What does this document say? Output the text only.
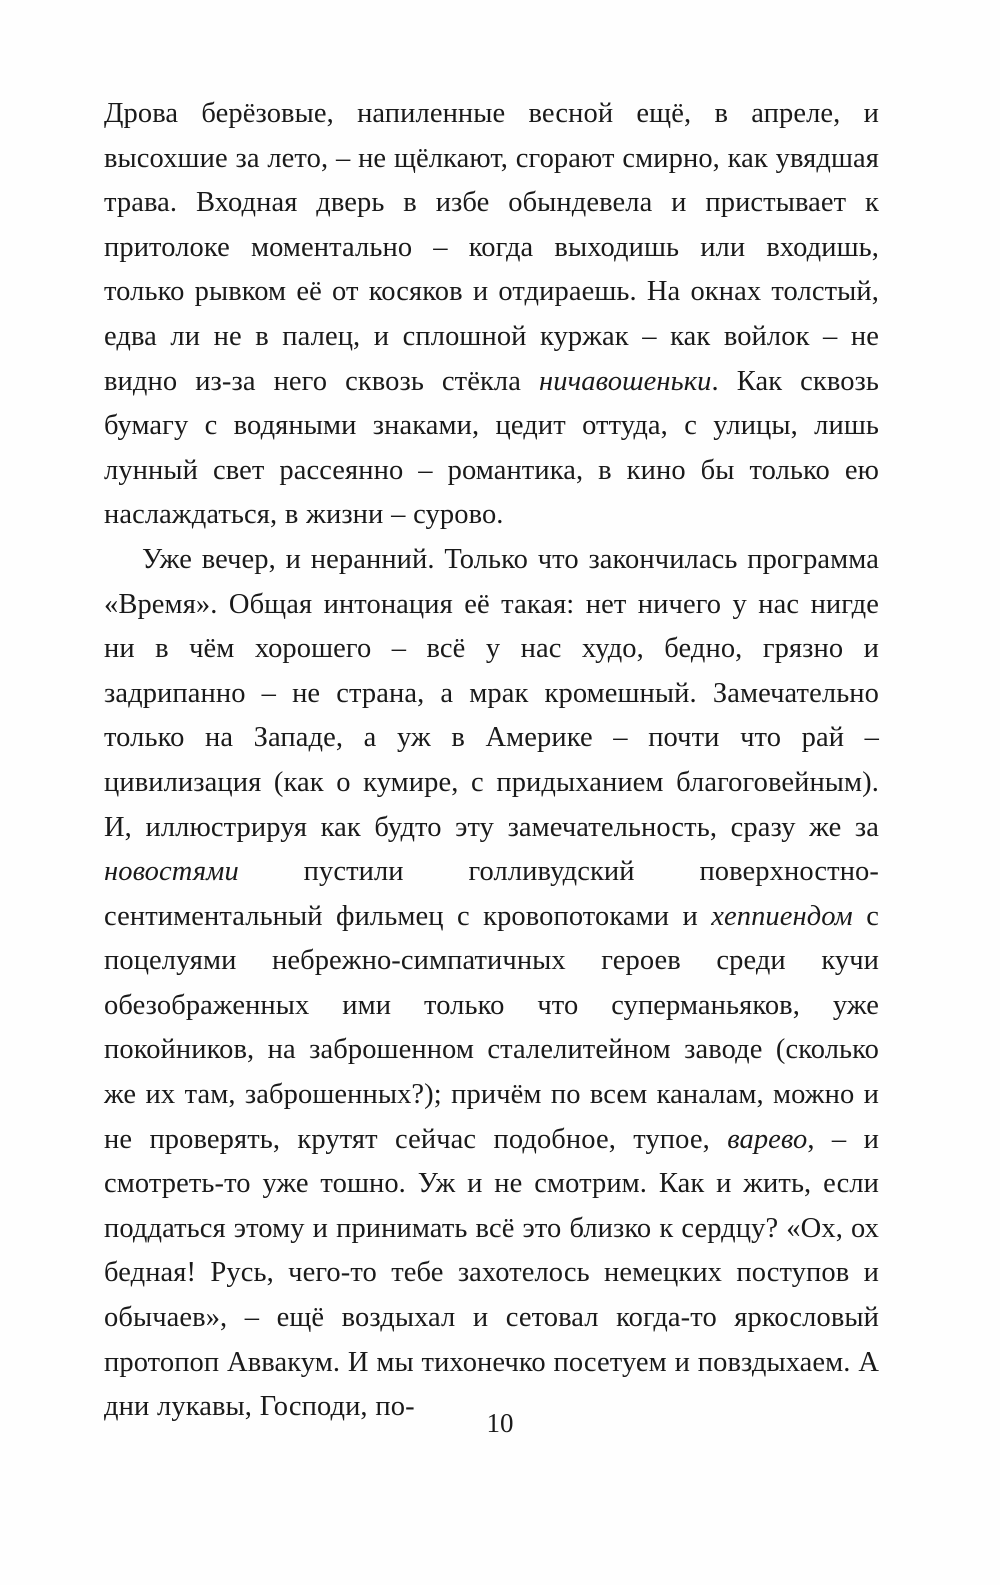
Дрова берёзовые, напиленные весной ещё, в апреле, и высохшие за лето, – не щёлкают, сгорают смирно, как увядшая трава. Входная дверь в избе обындевела и пристывает к притолоке моментально – когда выходишь или входишь, только рывком её от косяков и отдираешь. На окнах толстый, едва ли не в палец, и сплошной куржак – как войлок – не видно из-за него сквозь стёкла ничавошеньки. Как сквозь бумагу с водяными знаками, цедит оттуда, с улицы, лишь лунный свет рассеянно – романтика, в кино бы только ею наслаждаться, в жизни – сурово.

Уже вечер, и неранний. Только что закончилась программа «Время». Общая интонация её такая: нет ничего у нас нигде ни в чём хорошего – всё у нас худо, бедно, грязно и задрипанно – не страна, а мрак кромешный. Замечательно только на Западе, а уж в Америке – почти что рай – цивилизация (как о кумире, с придыханием благоговейным). И, иллюстрируя как будто эту замечательность, сразу же за новостями пустили голливудский поверхностно-сентиментальный фильмец с кровопотоками и хеппиендом с поцелуями небрежно-симпатичных героев среди кучи обезображенных ими только что суперманьяков, уже покойников, на заброшенном сталелитейном заводе (сколько же их там, заброшенных?); причём по всем каналам, можно и не проверять, крутят сейчас подобное, тупое, варево, – и смотреть-то уже тошно. Уж и не смотрим. Как и жить, если поддаться этому и принимать всё это близко к сердцу? «Ох, ох бедная! Русь, чего-то тебе захотелось немецких поступов и обычаев», – ещё воздыхал и сетовал когда-то яркословый протопоп Аввакум. И мы тихонечко посетуем и повздыхаем. А дни лукавы, Господи, по-

10
